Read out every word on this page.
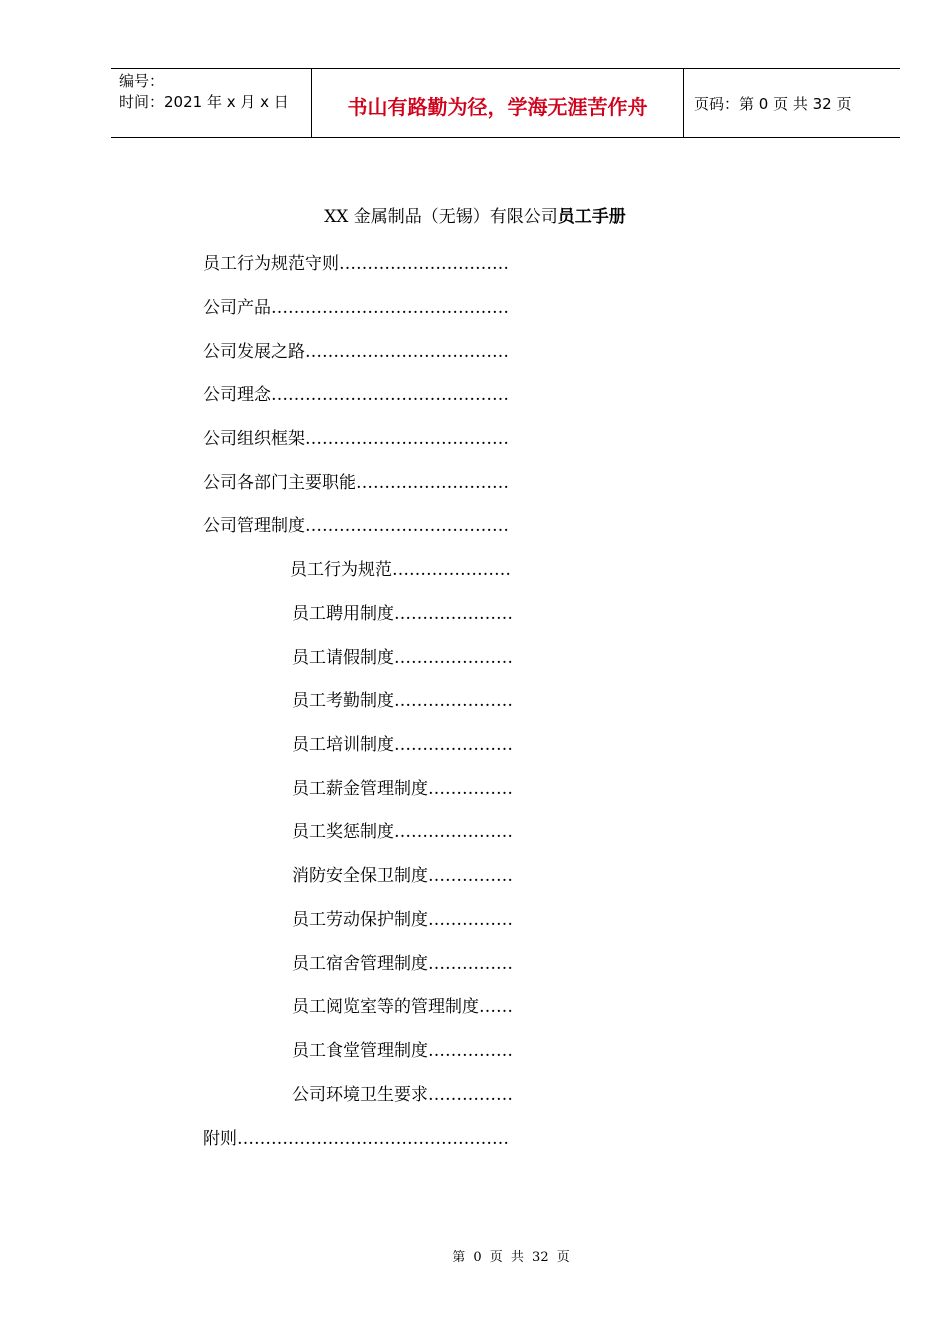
编号：
时间：2021 年 x 月 x 日	书山有路勤为径，学海无涯苦作舟	页码：第 0 页 共 32 页
XX 金属制品（无锡）有限公司员工手册
员工行为规范守则…………………………
公司产品……………………………………
公司发展之路………………………………
公司理念……………………………………
公司组织框架………………………………
公司各部门主要职能………………………
公司管理制度………………………………
员工行为规范…………………
员工聘用制度…………………
员工请假制度…………………
员工考勤制度…………………
员工培训制度…………………
员工薪金管理制度……………
员工奖惩制度…………………
消防安全保卫制度……………
员工劳动保护制度……………
员工宿舍管理制度……………
员工阅览室等的管理制度……
员工食堂管理制度……………
公司环境卫生要求……………
附则…………………………………………
第 0 页 共 32 页
